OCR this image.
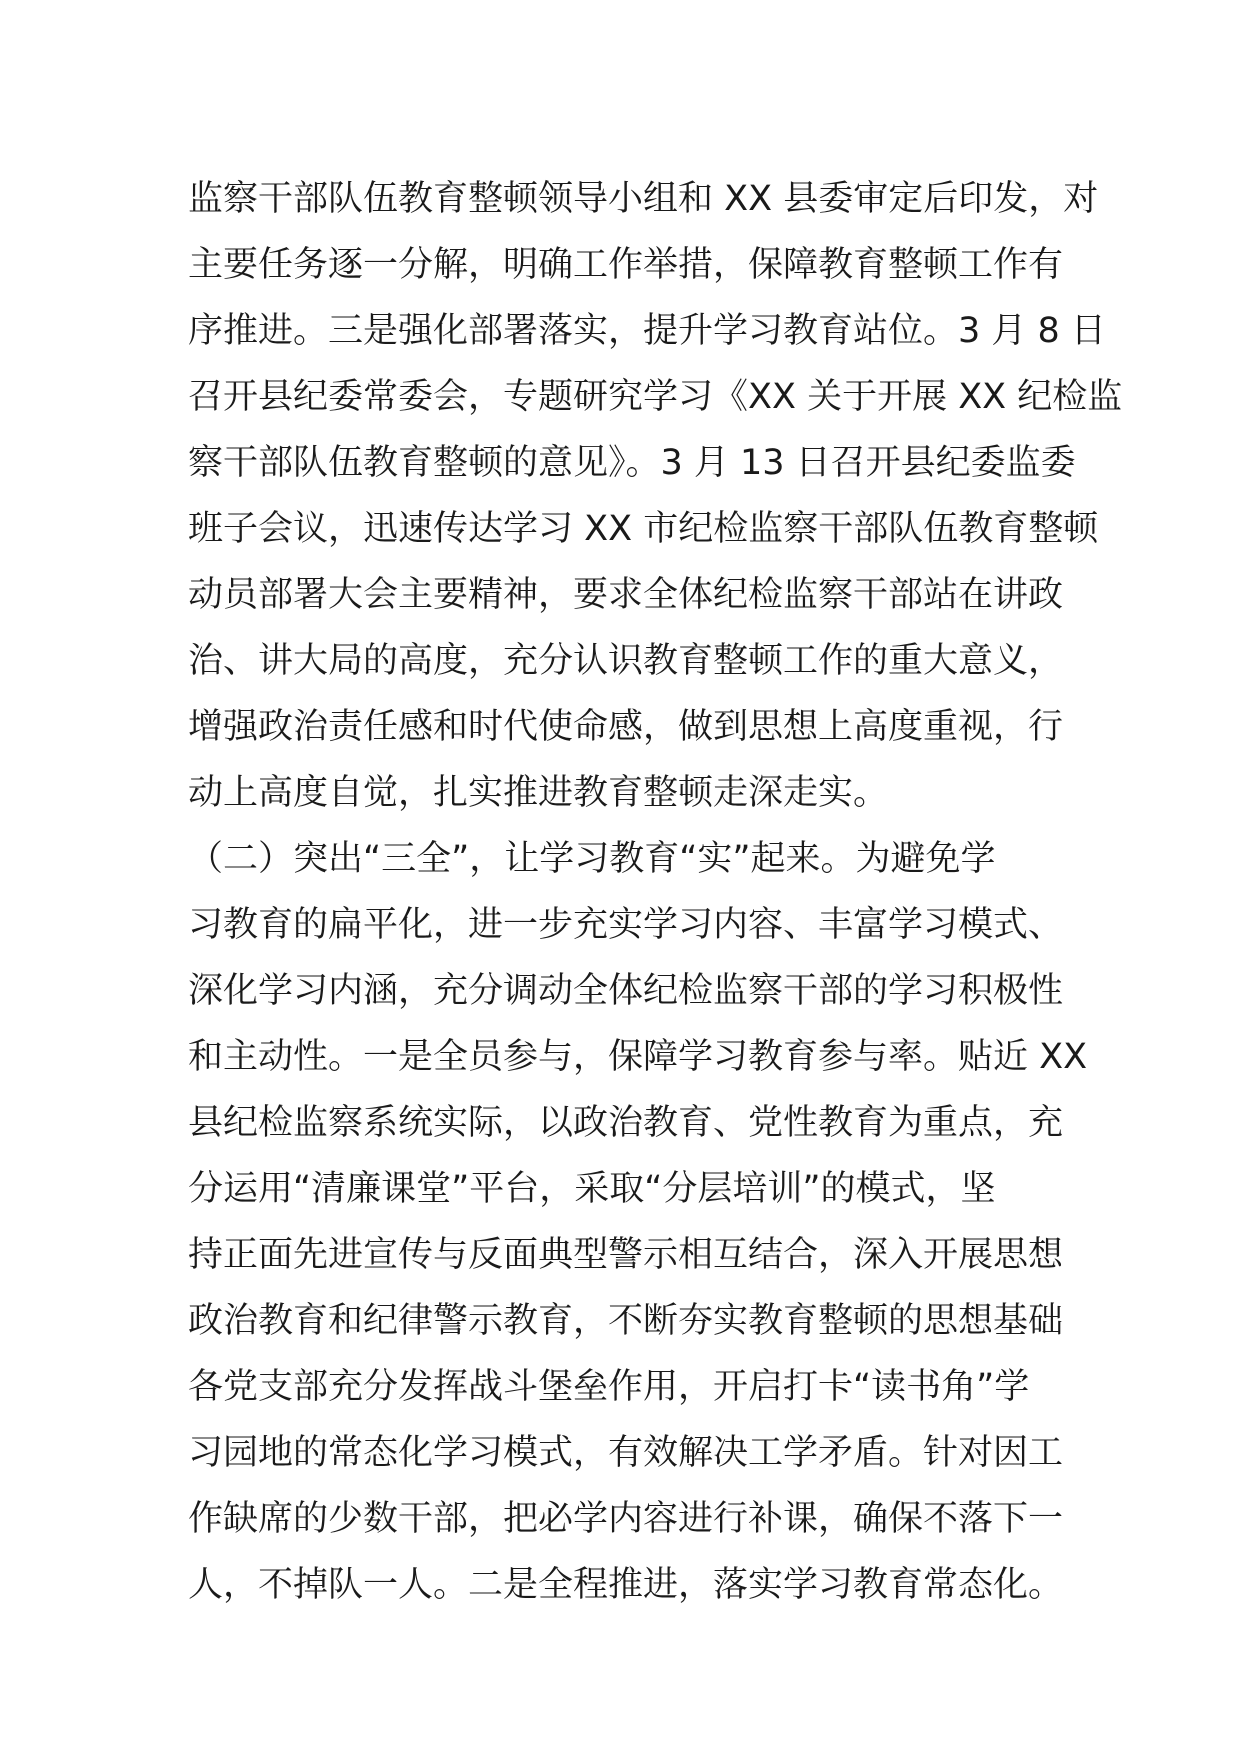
监察干部队伍教育整顿领导小组和 XX 县委审定后印发，对
主要任务逐一分解，明确工作举措，保障教育整顿工作有
序推进。三是强化部署落实，提升学习教育站位。3 月 8 日
召开县纪委常委会，专题研究学习《XX 关于开展 XX 纪检监
察干部队伍教育整顿的意见》。3 月 13 日召开县纪委监委
班子会议，迅速传达学习 XX 市纪检监察干部队伍教育整顿
动员部署大会主要精神，要求全体纪检监察干部站在讲政
治、讲大局的高度，充分认识教育整顿工作的重大意义，
增强政治责任感和时代使命感，做到思想上高度重视，行
动上高度自觉，扎实推进教育整顿走深走实。
（二）突出“三全”，让学习教育“实”起来。为避免学
习教育的扁平化，进一步充实学习内容、丰富学习模式、
深化学习内涵，充分调动全体纪检监察干部的学习积极性
和主动性。一是全员参与，保障学习教育参与率。贴近 XX
县纪检监察系统实际，以政治教育、党性教育为重点，充
分运用“清廉课堂”平台，采取“分层培训”的模式，坚
持正面先进宣传与反面典型警示相互结合，深入开展思想
政治教育和纪律警示教育，不断夯实教育整顿的思想基础
各党支部充分发挥战斗堡垒作用，开启打卡“读书角”学
习园地的常态化学习模式，有效解决工学矛盾。针对因工
作缺席的少数干部，把必学内容进行补课，确保不落下一
人，不掉队一人。二是全程推进，落实学习教育常态化。
